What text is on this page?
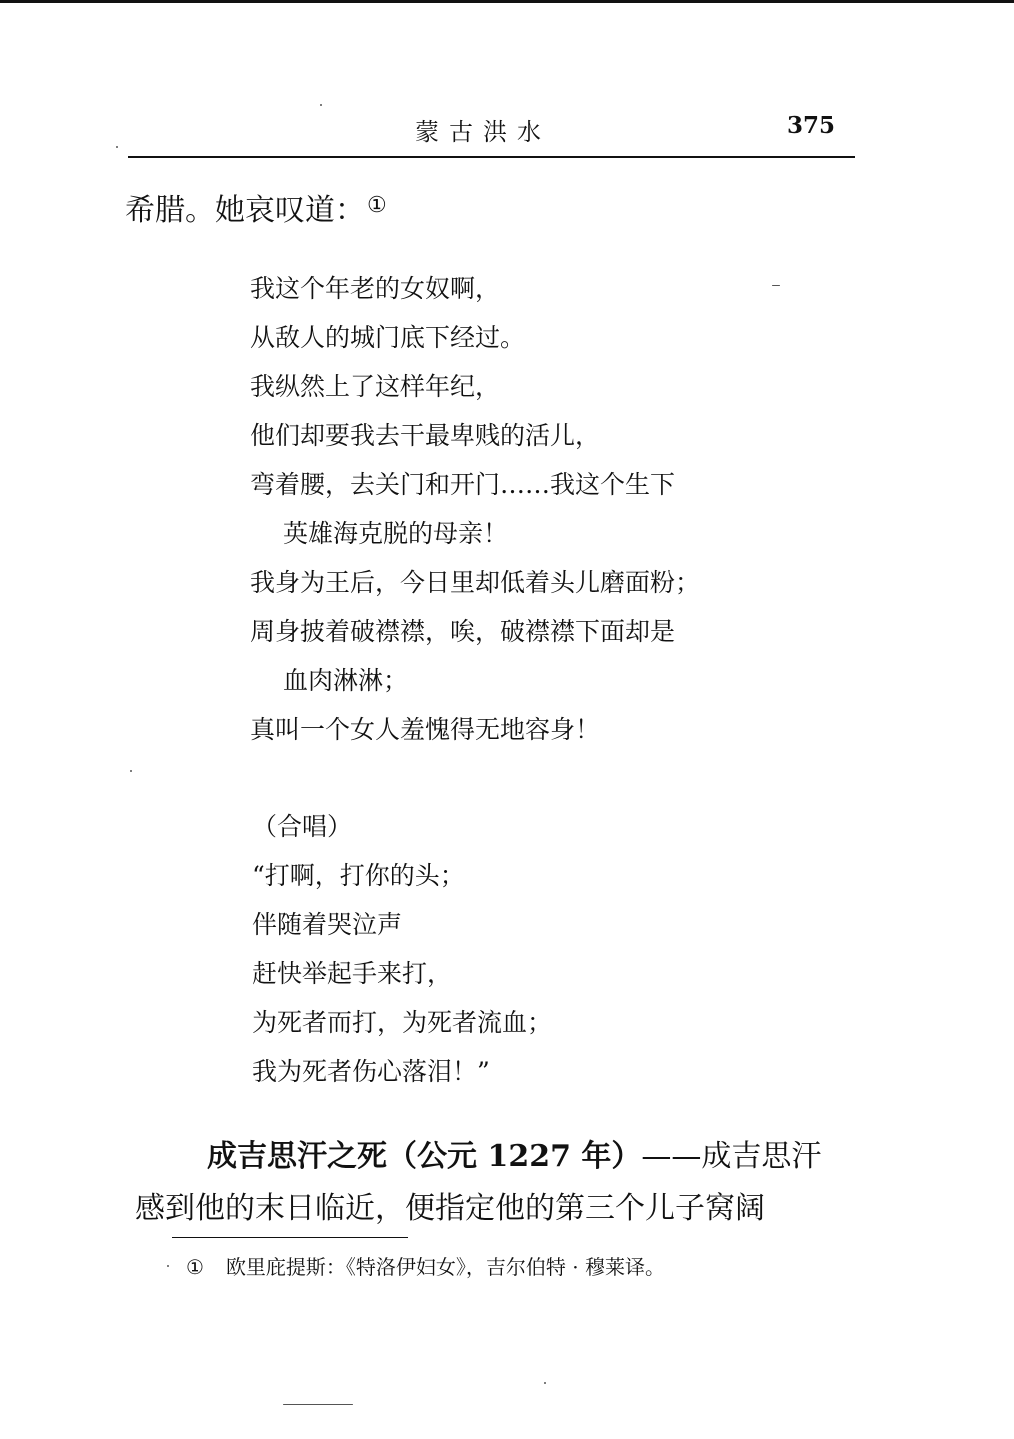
蒙古洪水	375
希腊。她哀叹道：①
我这个年老的女奴啊，
从敌人的城门底下经过。
我纵然上了这样年纪，
他们却要我去干最卑贱的活儿，
弯着腰，去关门和开门……我这个生下
英雄海克脱的母亲！
我身为王后，今日里却低着头儿磨面粉；
周身披着破襟襟，唉，破襟襟下面却是
血肉淋淋；
真叫一个女人羞愧得无地容身！
（合唱）
“打啊，打你的头；
伴随着哭泣声
赶快举起手来打，
为死者而打，为死者流血；
我为死者伤心落泪！”
成吉思汗之死（公元 1227 年）——成吉思汗
感到他的末日临近，便指定他的第三个儿子窝阔
① 欧里庇提斯：《特洛伊妇女》，吉尔伯特 · 穆莱译。
